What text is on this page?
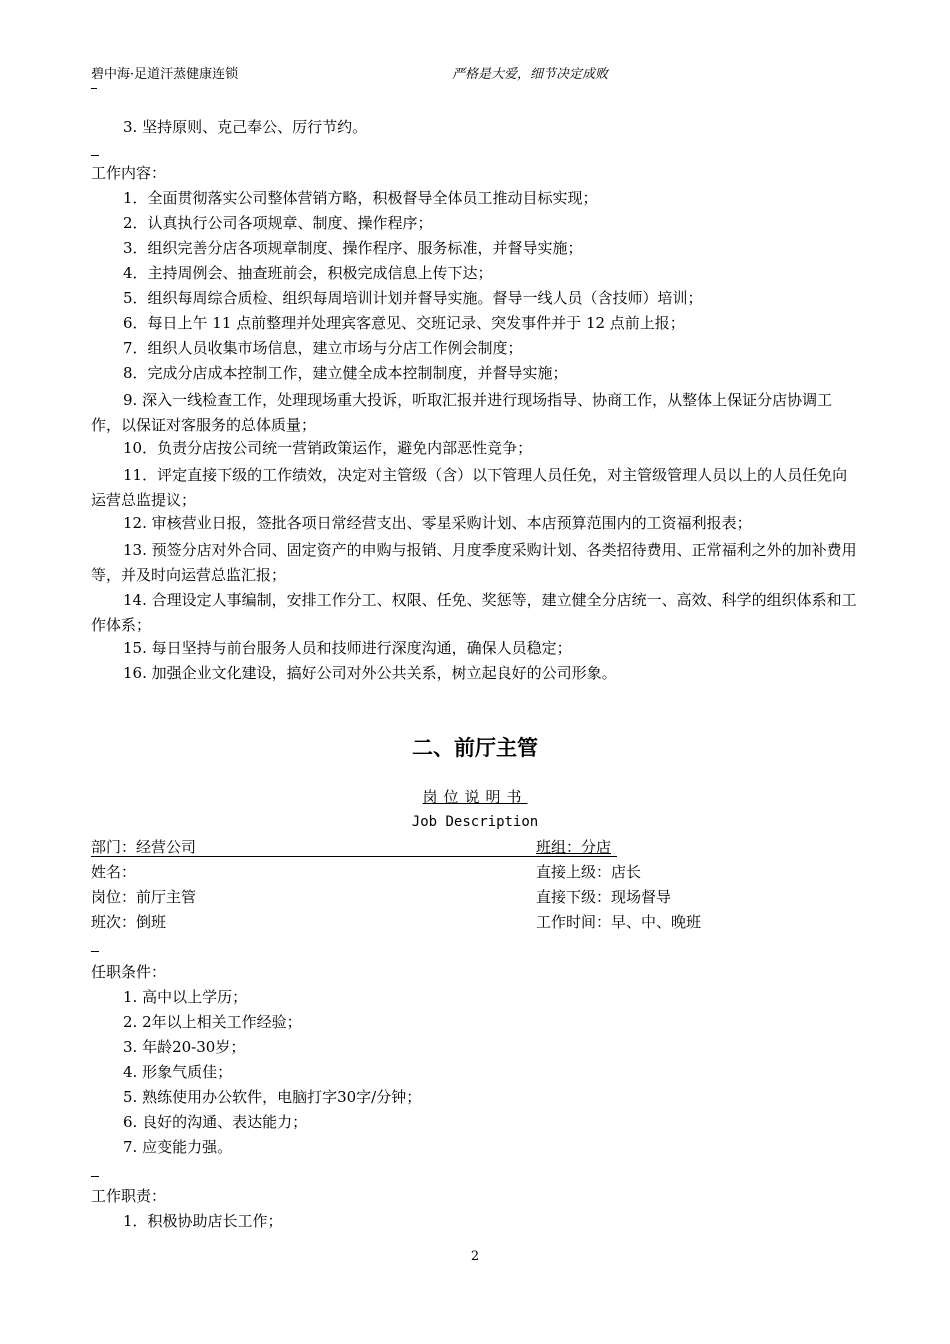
碧中海·足道汗蒸健康连锁	严格是大爱，细节决定成败
3. 坚持原则、克己奉公、厉行节约。
工作内容：
1．全面贯彻落实公司整体营销方略，积极督导全体员工推动目标实现；
2．认真执行公司各项规章、制度、操作程序；
3．组织完善分店各项规章制度、操作程序、服务标准，并督导实施；
4．主持周例会、抽查班前会，积极完成信息上传下达；
5．组织每周综合质检、组织每周培训计划并督导实施。督导一线人员（含技师）培训；
6．每日上午 11 点前整理并处理宾客意见、交班记录、突发事件并于 12 点前上报；
7．组织人员收集市场信息，建立市场与分店工作例会制度；
8．完成分店成本控制工作，建立健全成本控制制度，并督导实施；
9. 深入一线检查工作，处理现场重大投诉，听取汇报并进行现场指导、协商工作，从整体上保证分店协调工作，以保证对客服务的总体质量；
10．负责分店按公司统一营销政策运作，避免内部恶性竞争；
11．评定直接下级的工作绩效，决定对主管级（含）以下管理人员任免，对主管级管理人员以上的人员任免向运营总监提议；
12. 审核营业日报，签批各项日常经营支出、零星采购计划、本店预算范围内的工资福利报表；
13. 预签分店对外合同、固定资产的申购与报销、月度季度采购计划、各类招待费用、正常福利之外的加补费用等，并及时向运营总监汇报；
14. 合理设定人事编制，安排工作分工、权限、任免、奖惩等，建立健全分店统一、高效、科学的组织体系和工作体系；
15. 每日坚持与前台服务人员和技师进行深度沟通，确保人员稳定；
16. 加强企业文化建设，搞好公司对外公共关系，树立起良好的公司形象。
二、前厅主管
岗位说明书
Job Description
部门：经营公司	班组：分店
姓名：	直接上级：店长
岗位：前厅主管	直接下级：现场督导
班次：倒班	工作时间：早、中、晚班
任职条件：
1. 高中以上学历；
2. 2年以上相关工作经验；
3. 年龄20-30岁；
4. 形象气质佳；
5. 熟练使用办公软件，电脑打字30字/分钟；
6. 良好的沟通、表达能力；
7. 应变能力强。
工作职责：
1．积极协助店长工作；
2
